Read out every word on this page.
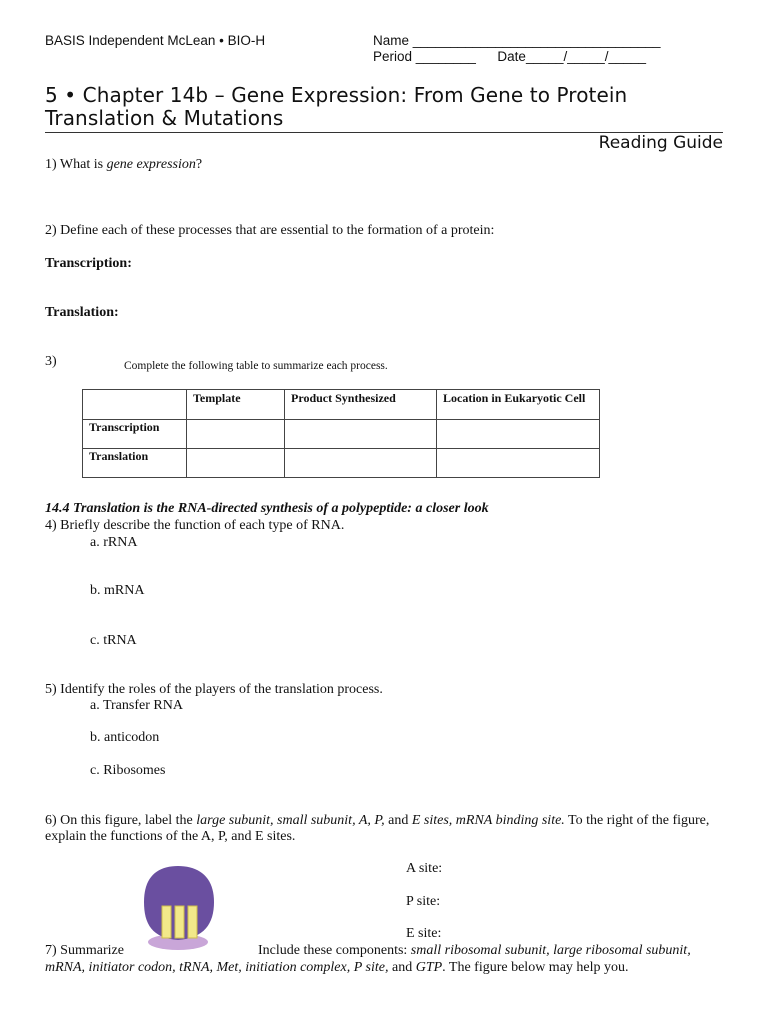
BASIS Independent McLean • BIO-H	Name _________________________________
Period ________ Date_____/_____/_____
5 • Chapter 14b – Gene Expression: From Gene to Protein
Translation & Mutations
Reading Guide
1) What is gene expression?
2) Define each of these processes that are essential to the formation of a protein:
Transcription:
Translation:
3)	Complete the following table to summarize each process.
	Template	Product Synthesized	Location in Eukaryotic Cell
Transcription			
Translation			
14.4 Translation is the RNA-directed synthesis of a polypeptide: a closer look
4) Briefly describe the function of each type of RNA.
a. rRNA
b. mRNA
c. tRNA
5) Identify the roles of the players of the translation process.
a. Transfer RNA
b. anticodon
c. Ribosomes
6) On this figure, label the large subunit, small subunit, A, P, and E sites, mRNA binding site. To the right of the figure,
explain the functions of the A, P, and E sites.
A site:
P site:
E site:
7) Summarize	Include these components: small ribosomal subunit, large ribosomal subunit,
mRNA, initiator codon, tRNA, Met, initiation complex, P site, and GTP. The figure below may help you.
